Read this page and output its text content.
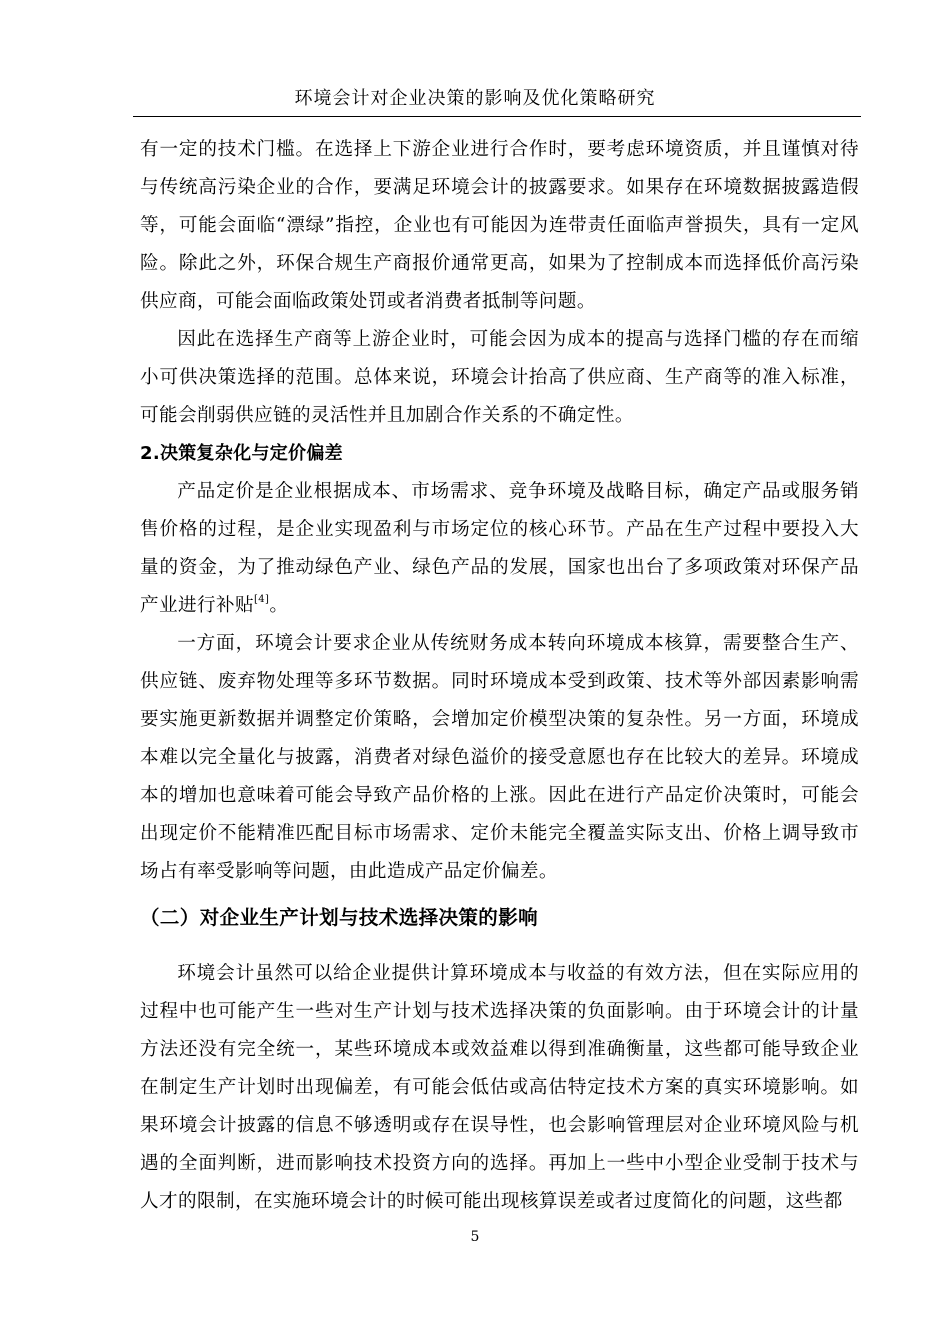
环境会计对企业决策的影响及优化策略研究

有一定的技术门槛。在选择上下游企业进行合作时，要考虑环境资质，并且谨慎对待与传统高污染企业的合作，要满足环境会计的披露要求。如果存在环境数据披露造假等，可能会面临“漂绿”指控，企业也有可能因为连带责任面临声誉损失，具有一定风险。除此之外，环保合规生产商报价通常更高，如果为了控制成本而选择低价高污染供应商，可能会面临政策处罚或者消费者抵制等问题。

因此在选择生产商等上游企业时，可能会因为成本的提高与选择门槛的存在而缩小可供决策选择的范围。总体来说，环境会计抬高了供应商、生产商等的准入标准，可能会削弱供应链的灵活性并且加剧合作关系的不确定性。

2.决策复杂化与定价偏差

产品定价是企业根据成本、市场需求、竞争环境及战略目标，确定产品或服务销售价格的过程，是企业实现盈利与市场定位的核心环节。产品在生产过程中要投入大量的资金，为了推动绿色产业、绿色产品的发展，国家也出台了多项政策对环保产品产业进行补贴[4]。

一方面，环境会计要求企业从传统财务成本转向环境成本核算，需要整合生产、供应链、废弃物处理等多环节数据。同时环境成本受到政策、技术等外部因素影响需要实施更新数据并调整定价策略，会增加定价模型决策的复杂性。另一方面，环境成本难以完全量化与披露，消费者对绿色溢价的接受意愿也存在比较大的差异。环境成本的增加也意味着可能会导致产品价格的上涨。因此在进行产品定价决策时，可能会出现定价不能精准匹配目标市场需求、定价未能完全覆盖实际支出、价格上调导致市场占有率受影响等问题，由此造成产品定价偏差。

（二）对企业生产计划与技术选择决策的影响

环境会计虽然可以给企业提供计算环境成本与收益的有效方法，但在实际应用的过程中也可能产生一些对生产计划与技术选择决策的负面影响。由于环境会计的计量方法还没有完全统一，某些环境成本或效益难以得到准确衡量，这些都可能导致企业在制定生产计划时出现偏差，有可能会低估或高估特定技术方案的真实环境影响。如果环境会计披露的信息不够透明或存在误导性，也会影响管理层对企业环境风险与机遇的全面判断，进而影响技术投资方向的选择。再加上一些中小型企业受制于技术与人才的限制，在实施环境会计的时候可能出现核算误差或者过度简化的问题，这些都

5
